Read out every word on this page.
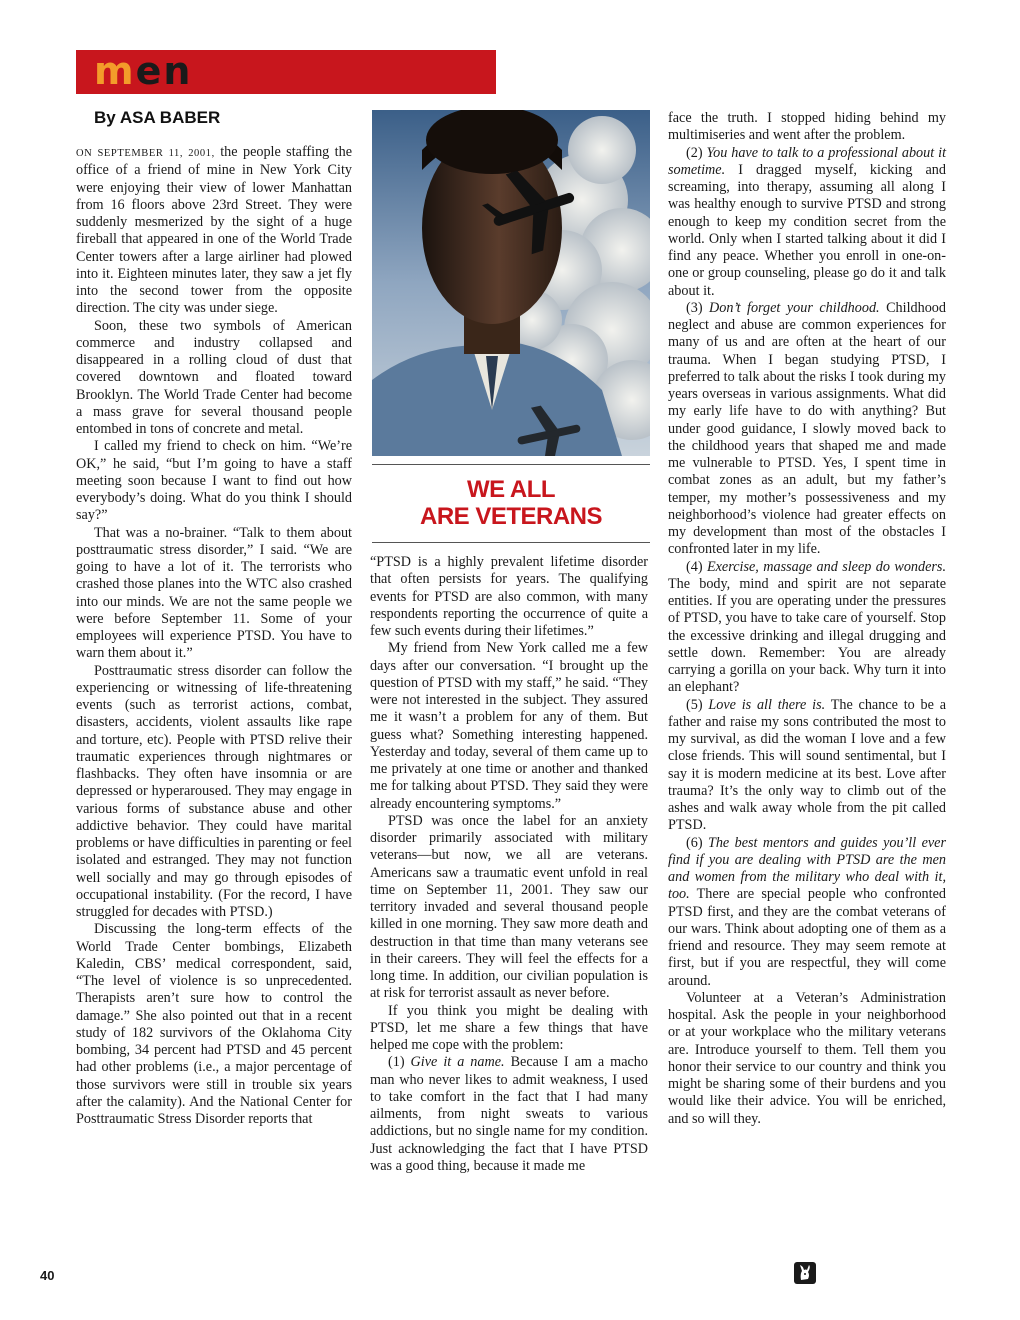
men
By ASA BABER

ON SEPTEMBER 11, 2001, the people staffing the office of a friend of mine in New York City were enjoying their view of lower Manhattan from 16 floors above 23rd Street. They were suddenly mesmerized by the sight of a huge fireball that appeared in one of the World Trade Center towers after a large airliner had plowed into it. Eighteen minutes later, they saw a jet fly into the second tower from the opposite direction. The city was under siege.

Soon, these two symbols of American commerce and industry collapsed and disappeared in a rolling cloud of dust that covered downtown and floated toward Brooklyn. The World Trade Center had become a mass grave for several thousand people entombed in tons of concrete and metal.

I called my friend to check on him. “We’re OK,” he said, “but I’m going to have a staff meeting soon because I want to find out how everybody’s doing. What do you think I should say?”

That was a no-brainer. “Talk to them about posttraumatic stress disorder,” I said. “We are going to have a lot of it. The terrorists who crashed those planes into the WTC also crashed into our minds. We are not the same people we were before September 11. Some of your employees will experience PTSD. You have to warn them about it.”

Posttraumatic stress disorder can follow the experiencing or witnessing of life-threatening events (such as terrorist actions, combat, disasters, accidents, violent assaults like rape and torture, etc). People with PTSD relive their traumatic experiences through nightmares or flashbacks. They often have insomnia or are depressed or hyperaroused. They may engage in various forms of substance abuse and other addictive behavior. They could have marital problems or have difficulties in parenting or feel isolated and estranged. They may not function well socially and may go through episodes of occupational instability. (For the record, I have struggled for decades with PTSD.)

Discussing the long-term effects of the World Trade Center bombings, Elizabeth Kaledin, CBS’ medical correspondent, said, “The level of violence is so unprecedented. Therapists aren’t sure how to control the damage.” She also pointed out that in a recent study of 182 survivors of the Oklahoma City bombing, 34 percent had PTSD and 45 percent had other problems (i.e., a major percentage of those survivors were still in trouble six years after the calamity). And the National Center for Posttraumatic Stress Disorder reports that

WE ALL
ARE VETERANS

“PTSD is a highly prevalent lifetime disorder that often persists for years. The qualifying events for PTSD are also common, with many respondents reporting the occurrence of quite a few such events during their lifetimes.”

My friend from New York called me a few days after our conversation. “I brought up the question of PTSD with my staff,” he said. “They were not interested in the subject. They assured me it wasn’t a problem for any of them. But guess what? Something interesting happened. Yesterday and today, several of them came up to me privately at one time or another and thanked me for talking about PTSD. They said they were already encountering symptoms.”

PTSD was once the label for an anxiety disorder primarily associated with military veterans—but now, we all are veterans. Americans saw a traumatic event unfold in real time on September 11, 2001. They saw our territory invaded and several thousand people killed in one morning. They saw more death and destruction in that time than many veterans see in their careers. They will feel the effects for a long time. In addition, our civilian population is at risk for terrorist assault as never before.

If you think you might be dealing with PTSD, let me share a few things that have helped me cope with the problem:

(1) Give it a name. Because I am a macho man who never likes to admit weakness, I used to take comfort in the fact that I had many ailments, from night sweats to various addictions, but no single name for my condition. Just acknowledging the fact that I have PTSD was a good thing, because it made me

face the truth. I stopped hiding behind my multimiseries and went after the problem.

(2) You have to talk to a professional about it sometime. I dragged myself, kicking and screaming, into therapy, assuming all along I was healthy enough to survive PTSD and strong enough to keep my condition secret from the world. Only when I started talking about it did I find any peace. Whether you enroll in one-on-one or group counseling, please go do it and talk about it.

(3) Don’t forget your childhood. Childhood neglect and abuse are common experiences for many of us and are often at the heart of our trauma. When I began studying PTSD, I preferred to talk about the risks I took during my years overseas in various assignments. What did my early life have to do with anything? But under good guidance, I slowly moved back to the childhood years that shaped me and made me vulnerable to PTSD. Yes, I spent time in combat zones as an adult, but my father’s temper, my mother’s possessiveness and my neighborhood’s violence had greater effects on my development than most of the obstacles I confronted later in my life.

(4) Exercise, massage and sleep do wonders. The body, mind and spirit are not separate entities. If you are operating under the pressures of PTSD, you have to take care of yourself. Stop the excessive drinking and illegal drugging and settle down. Remember: You are already carrying a gorilla on your back. Why turn it into an elephant?

(5) Love is all there is. The chance to be a father and raise my sons contributed the most to my survival, as did the woman I love and a few close friends. This will sound sentimental, but I say it is modern medicine at its best. Love after trauma? It’s the only way to climb out of the ashes and walk away whole from the pit called PTSD.

(6) The best mentors and guides you’ll ever find if you are dealing with PTSD are the men and women from the military who deal with it, too. There are special people who confronted PTSD first, and they are the combat veterans of our wars. Think about adopting one of them as a friend and resource. They may seem remote at first, but if you are respectful, they will come around.

Volunteer at a Veteran’s Administration hospital. Ask the people in your neighborhood or at your workplace who the military veterans are. Introduce yourself to them. Tell them you honor their service to our country and think you might be sharing some of their burdens and you would like their advice. You will be enriched, and so will they.

40
